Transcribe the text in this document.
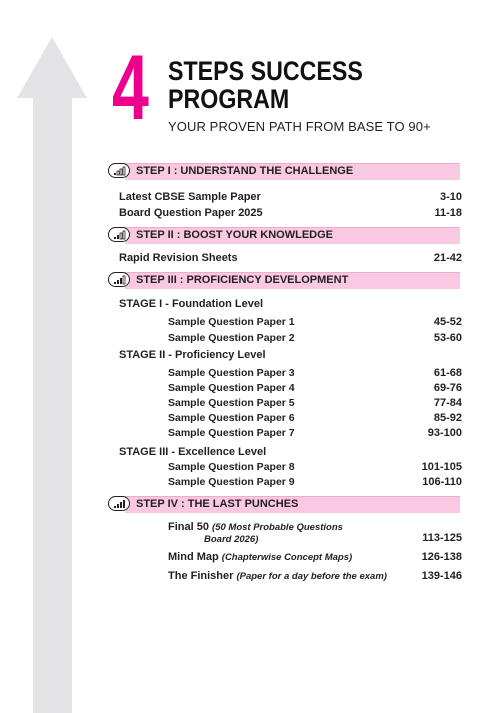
4 STEPS SUCCESS
PROGRAM
YOUR PROVEN PATH FROM BASE TO 90+
STEP I : UNDERSTAND THE CHALLENGE
Latest CBSE Sample Paper	3-10
Board Question Paper 2025	11-18
STEP II : BOOST YOUR KNOWLEDGE
Rapid Revision Sheets	21-42
STEP III : PROFICIENCY DEVELOPMENT
STAGE I - Foundation Level
Sample Question Paper 1	45-52
Sample Question Paper 2	53-60
STAGE II - Proficiency Level
Sample Question Paper 3	61-68
Sample Question Paper 4	69-76
Sample Question Paper 5	77-84
Sample Question Paper 6	85-92
Sample Question Paper 7	93-100
STAGE III - Excellence Level
Sample Question Paper 8	101-105
Sample Question Paper 9	106-110
STEP IV : THE LAST PUNCHES
Final 50 (50 Most Probable Questions
Board 2026)	113-125
Mind Map (Chapterwise Concept Maps)	126-138
The Finisher (Paper for a day before the exam)	139-146
